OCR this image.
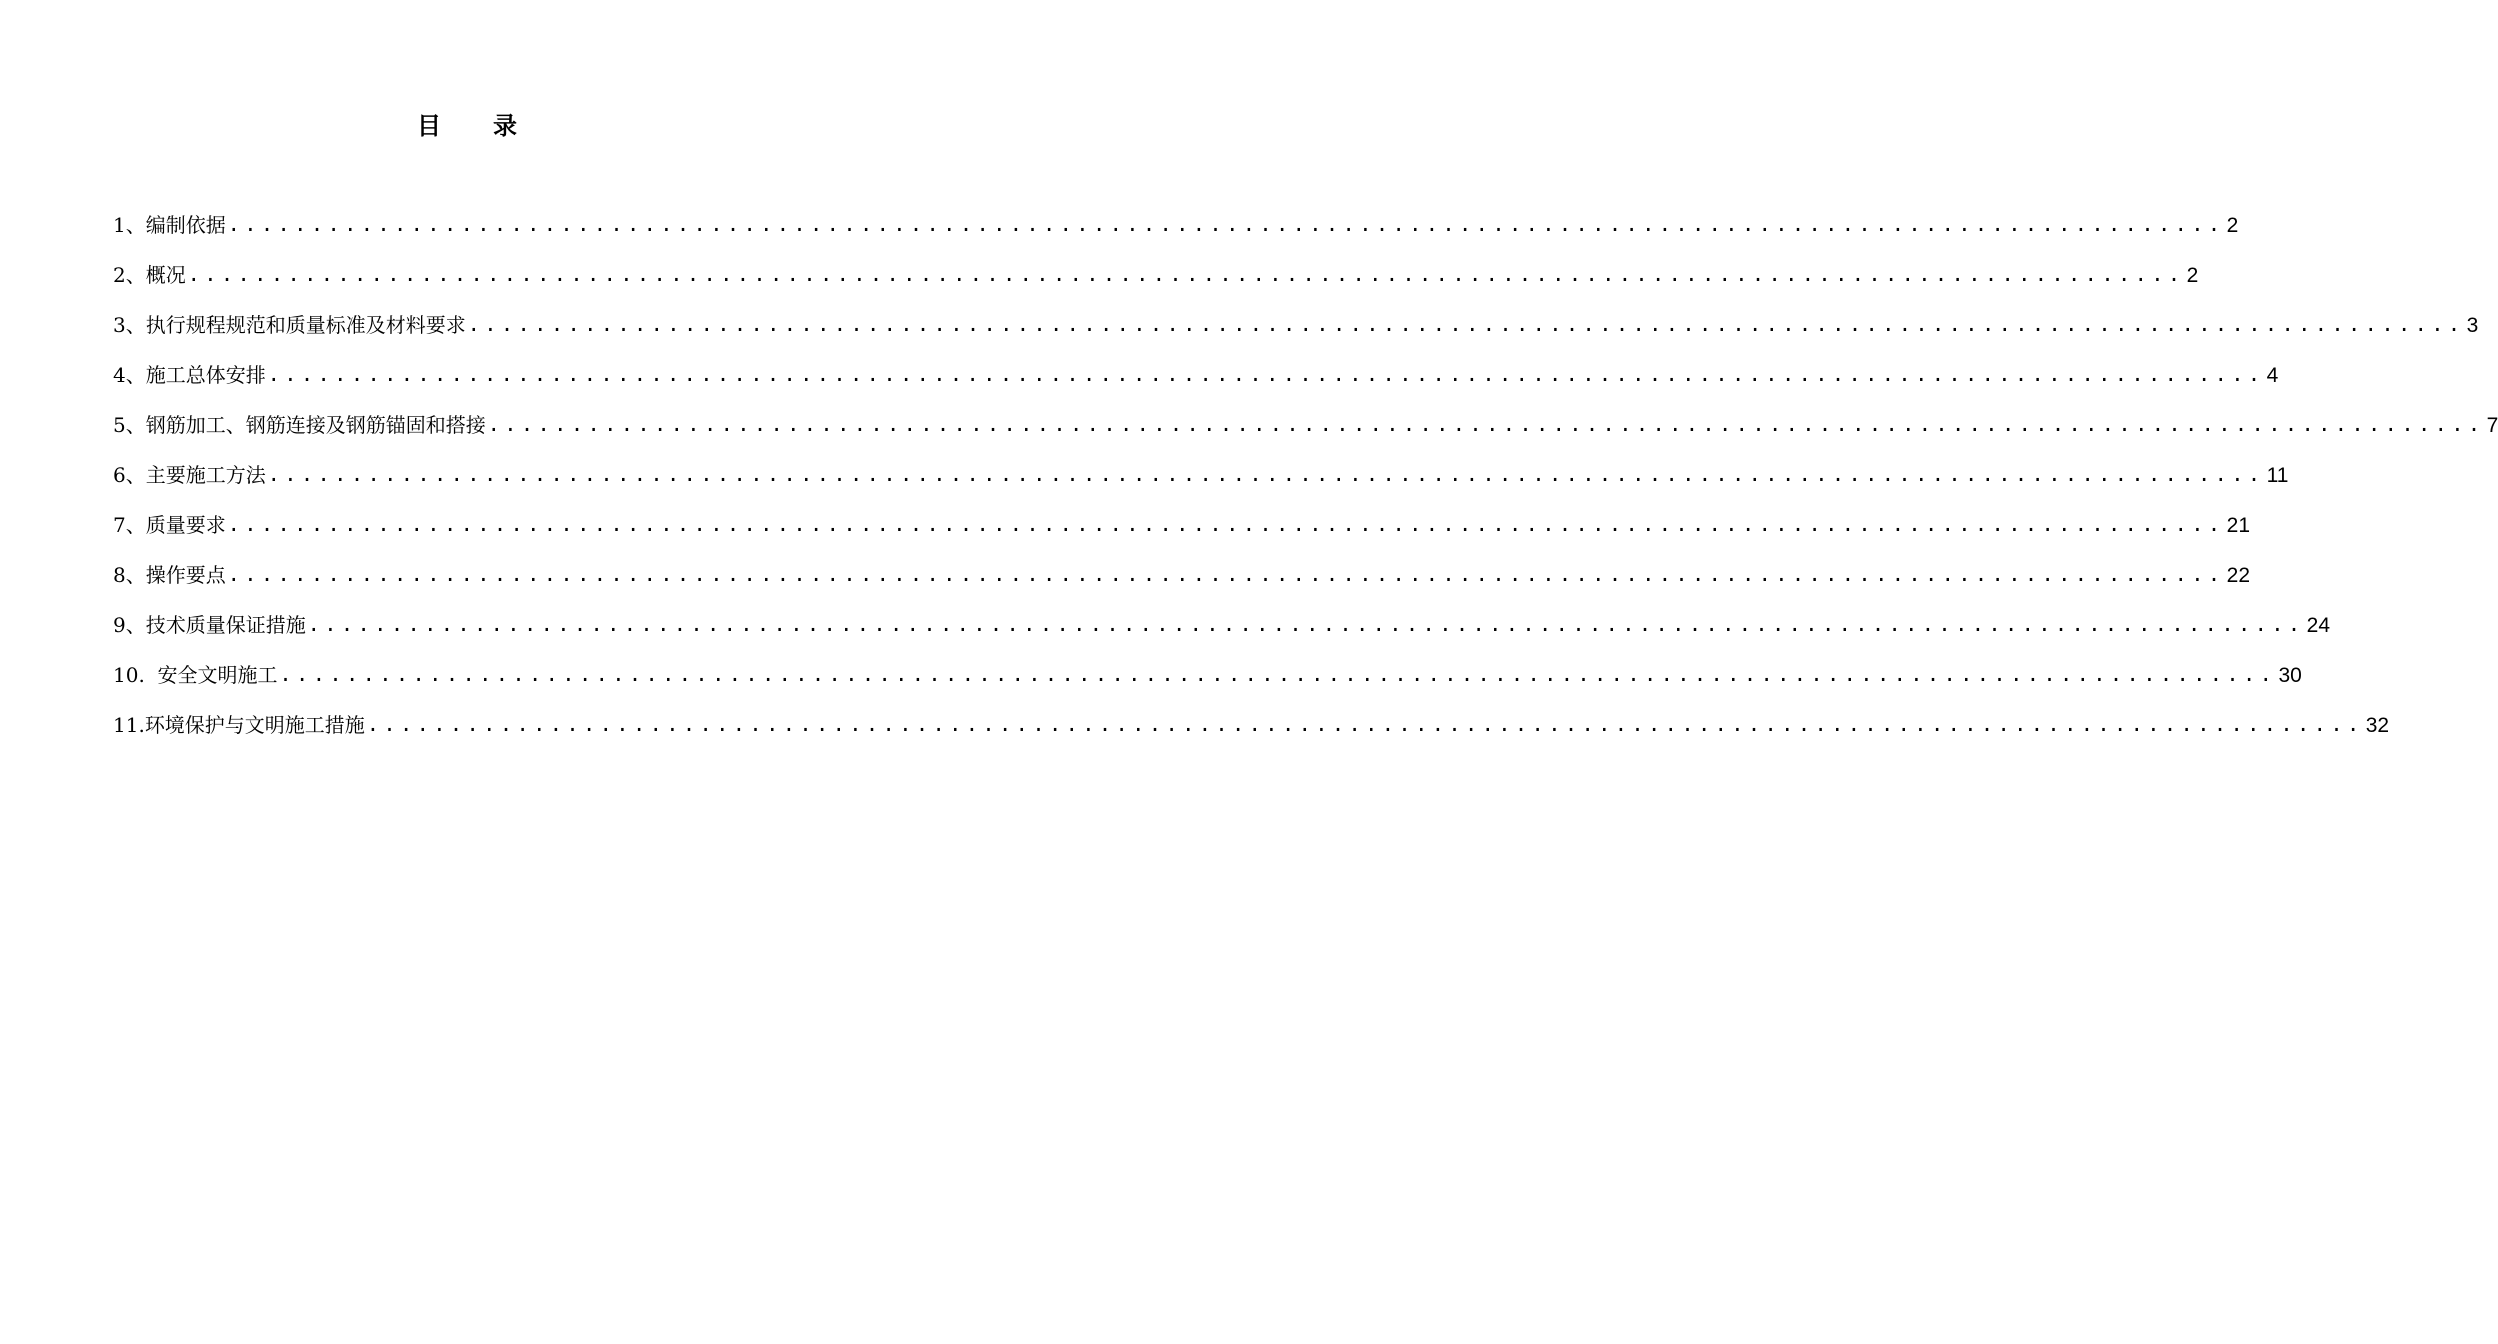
目录
1、 编制依据 ........................................................................................................................ 2
2、 概况 ........................................................................................................................ 2
3、 执行规程规范和质量标准及材料要求 ........................................................................................................................ 3
4、 施工总体安排 ........................................................................................................................ 4
5、 钢筋加工、钢筋连接及钢筋锚固和搭接 ........................................................................................................................ 7
6、 主要施工方法 ........................................................................................................................ 11
7、 质量要求 ........................................................................................................................ 21
8、 操作要点 ........................................................................................................................ 22
9、 技术质量保证措施 ........................................................................................................................ 24
10. 安全文明施工 ........................................................................................................................ 30
11. 环境保护与文明施工措施 ........................................................................................................................ 32
